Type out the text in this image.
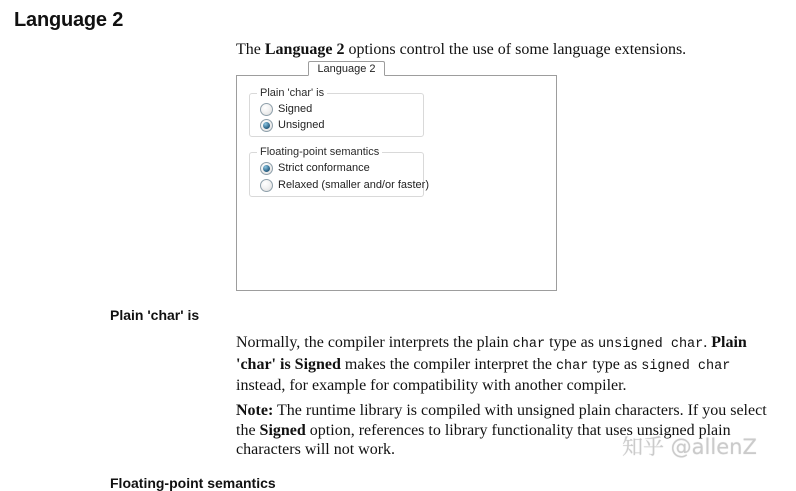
Language 2

The Language 2 options control the use of some language extensions.

Language 2
Plain 'char' is
Signed
Unsigned
Floating-point semantics
Strict conformance
Relaxed (smaller and/or faster)
Plain 'char' is

Normally, the compiler interprets the plain char type as unsigned char. Plain 'char' is Signed makes the compiler interpret the char type as signed char instead, for example for compatibility with another compiler.

Note: The runtime library is compiled with unsigned plain characters. If you select the Signed option, references to library functionality that uses unsigned plain characters will not work.	知乎 @allenZ
Floating-point semantics
